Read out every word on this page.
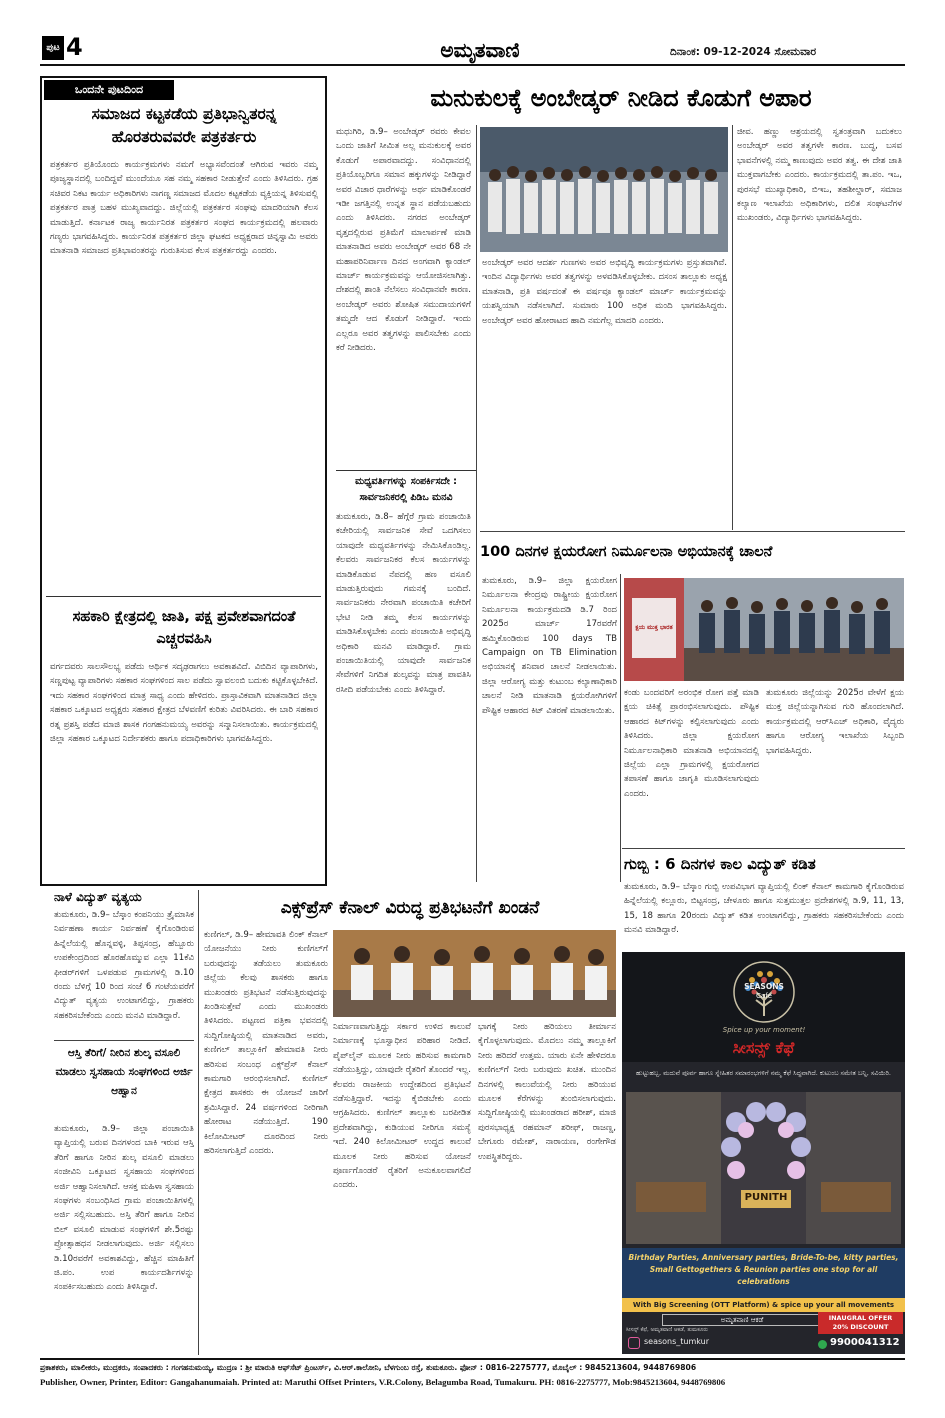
ಪುಟ 4	ಅಮೃತವಾಣಿ	ದಿನಾಂಕ: 09-12-2024 ಸೋಮವಾರ
ಒಂದನೇ ಪುಟದಿಂದ
ಸಮಾಜದ ಕಟ್ಟಕಡೆಯ ಪ್ರತಿಭಾನ್ವಿತರನ್ನ ಹೊರತರುವವರೇ ಪತ್ರಕರ್ತರು
ಪತ್ರಕರ್ತರ ಪ್ರತಿಯೊಂದು ಕಾರ್ಯಕ್ರಮಗಳು ನಮಗೆ ಅಭ್ಯಾಸವೆಂದಂತೆ ಆಗಿರುವ ಇವರು ನಮ್ಮ ಪೂಜ್ಯಸ್ಥಾನದಲ್ಲಿ ಬಂದಿದ್ದವೆ ಮುಂದೆಯೂ ಸಹ ನಮ್ಮ ಸಹಕಾರ ನೀಡುತ್ತೇನೆ ಎಂದು ತಿಳಿಸಿದರು. ಗ್ರಹ ಸಚಿವರ ನಿಕಟ ಕಾರ್ಯ ಅಧಿಕಾರಿಗಳು ನಾಗಣ್ಣ ಸಮಾಜದ ಮೊದಲ ಕಟ್ಟಕಡೆಯ ವ್ಯಕ್ತಿಯನ್ನ ತಿಳಿಸುವಲ್ಲಿ ಪತ್ರಕರ್ತರ ಪಾತ್ರ ಬಹಳ ಮುಖ್ಯವಾದದ್ದು. ಜಿಲ್ಲೆಯಲ್ಲಿ ಪತ್ರಕರ್ತರ ಸಂಘವು ಮಾದರಿಯಾಗಿ ಕೆಲಸ ಮಾಡುತ್ತಿದೆ. ಕರ್ನಾಟಕ ರಾಜ್ಯ ಕಾರ್ಯನಿರತ ಪತ್ರಕರ್ತರ ಸಂಘದ ಕಾರ್ಯಕ್ರಮದಲ್ಲಿ ಹಲವಾರು ಗಣ್ಯರು ಭಾಗವಹಿಸಿದ್ದರು. ಕಾರ್ಯನಿರತ ಪತ್ರಕರ್ತರ ಜಿಲ್ಲಾ ಘಟಕದ ಅಧ್ಯಕ್ಷರಾದ ಚಿನ್ನಸ್ವಾಮಿ ಅವರು ಮಾತನಾಡಿ ಸಮಾಜದ ಪ್ರತಿಭಾವಂತರನ್ನು ಗುರುತಿಸುವ ಕೆಲಸ ಪತ್ರಕರ್ತರದ್ದು ಎಂದರು.
ಸಹಕಾರಿ ಕ್ಷೇತ್ರದಲ್ಲಿ ಜಾತಿ, ಪಕ್ಷ ಪ್ರವೇಶವಾಗದಂತೆ ಎಚ್ಚರವಹಿಸಿ
ವರ್ಗದವರು ಸಾಲಸೌಲಭ್ಯ ಪಡೆದು ಆರ್ಥಿಕ ಸದೃಢರಾಗಲು ಅವಕಾಶವಿದೆ. ವಿಬಿದಿನ ವ್ಯಾಪಾರಿಗಳು, ಸಣ್ಣಪುಟ್ಟ ವ್ಯಾಪಾರಿಗಳು ಸಹಕಾರ ಸಂಘಗಳಿಂದ ಸಾಲ ಪಡೆದು ಸ್ವಾವಲಂಬಿ ಬದುಕು ಕಟ್ಟಿಕೊಳ್ಳಬೇಕಿದೆ. ಇದು ಸಹಕಾರ ಸಂಘಗಳಿಂದ ಮಾತ್ರ ಸಾಧ್ಯ ಎಂದು ಹೇಳಿದರು. ಪ್ರಾಸ್ತಾವಿಕವಾಗಿ ಮಾತನಾಡಿದ ಜಿಲ್ಲಾ ಸಹಕಾರ ಒಕ್ಕೂಟದ ಅಧ್ಯಕ್ಷರು ಸಹಕಾರ ಕ್ಷೇತ್ರದ ಬೆಳವಣಿಗೆ ಕುರಿತು ವಿವರಿಸಿದರು. ಈ ಬಾರಿ ಸಹಕಾರ ರತ್ನ ಪ್ರಶಸ್ತಿ ಪಡೆದ ಮಾಜಿ ಶಾಸಕ ಗಂಗಹನುಮಯ್ಯ ಅವರನ್ನು ಸನ್ಮಾನಿಸಲಾಯಿತು. ಕಾರ್ಯಕ್ರಮದಲ್ಲಿ ಜಿಲ್ಲಾ ಸಹಕಾರ ಒಕ್ಕೂಟದ ನಿರ್ದೇಶಕರು ಹಾಗೂ ಪದಾಧಿಕಾರಿಗಳು ಭಾಗವಹಿಸಿದ್ದರು.
ಮನುಕುಲಕ್ಕೆ ಅಂಬೇಡ್ಕರ್ ನೀಡಿದ ಕೊಡುಗೆ ಅಪಾರ
ಮಧುಗಿರಿ, ಡಿ.9– ಅಂಬೇಡ್ಕರ್ ರವರು ಕೇವಲ ಒಂದು ಜಾತಿಗೆ ಸೀಮಿತ ಅಲ್ಲ ಮನುಕುಲಕ್ಕೆ ಅವರ ಕೊಡುಗೆ ಅಪಾರವಾದದ್ದು. ಸಂವಿಧಾನದಲ್ಲಿ ಪ್ರತಿಯೊಬ್ಬರಿಗೂ ಸಮಾನ ಹಕ್ಕುಗಳನ್ನು ನೀಡಿದ್ದಾರೆ ಅವರ ವಿಚಾರ ಧಾರೆಗಳನ್ನು ಅರ್ಥ ಮಾಡಿಕೊಂಡರೆ ಇಡೀ ಜಗತ್ತಿನಲ್ಲಿ ಉನ್ನತ ಸ್ಥಾನ ಪಡೆಯಬಹುದು ಎಂದು ತಿಳಿಸಿದರು. ನಗರದ ಅಂಬೇಡ್ಕರ್ ವೃತ್ತದಲ್ಲಿರುವ ಪ್ರತಿಮೆಗೆ ಮಾಲಾರ್ಪಣೆ ಮಾಡಿ ಮಾತನಾಡಿದ ಅವರು ಅಂಬೇಡ್ಕರ್ ಅವರ 68 ನೇ ಮಹಾಪರಿನಿರ್ವಾಣ ದಿನದ ಅಂಗವಾಗಿ ಕ್ಯಾಂಡಲ್ ಮಾರ್ಚ್ ಕಾರ್ಯಕ್ರಮವನ್ನು ಆಯೋಜಿಸಲಾಗಿತ್ತು. ದೇಶದಲ್ಲಿ ಶಾಂತಿ ನೆಲೆಸಲು ಸಂವಿಧಾನವೇ ಕಾರಣ. ಅಂಬೇಡ್ಕರ್ ಅವರು ಶೋಷಿತ ಸಮುದಾಯಗಳಿಗೆ ತಮ್ಮದೇ ಆದ ಕೊಡುಗೆ ನೀಡಿದ್ದಾರೆ. ಇಂದು ಎಲ್ಲರೂ ಅವರ ತತ್ವಗಳನ್ನು ಪಾಲಿಸಬೇಕು ಎಂದು ಕರೆ ನೀಡಿದರು.
ಅಂಬೇಡ್ಕರ್ ಅವರ ಆದರ್ಶ ಗುಣಗಳು ಅವರ ಅಭಿವೃದ್ಧಿ ಕಾರ್ಯಕ್ರಮಗಳು ಪ್ರಸ್ತುತವಾಗಿವೆ. ಇಂದಿನ ವಿದ್ಯಾರ್ಥಿಗಳು ಅವರ ತತ್ವಗಳನ್ನು ಅಳವಡಿಸಿಕೊಳ್ಳಬೇಕು. ದಸಂಸ ತಾಲ್ಲೂಕು ಅಧ್ಯಕ್ಷ ಮಾತನಾಡಿ, ಪ್ರತಿ ವರ್ಷದಂತೆ ಈ ವರ್ಷವೂ ಕ್ಯಾಂಡಲ್ ಮಾರ್ಚ್ ಕಾರ್ಯಕ್ರಮವನ್ನು ಯಶಸ್ವಿಯಾಗಿ ನಡೆಸಲಾಗಿದೆ. ಸುಮಾರು 100 ಅಧಿಕ ಮಂದಿ ಭಾಗವಹಿಸಿದ್ದರು. ಅಂಬೇಡ್ಕರ್ ಅವರ ಹೋರಾಟದ ಹಾದಿ ನಮಗೆಲ್ಲ ಮಾದರಿ ಎಂದರು.
ಜೀವ. ಹಣ್ಣು ಆಶ್ರಯದಲ್ಲಿ ಸ್ವತಂತ್ರವಾಗಿ ಬದುಕಲು ಅಂಬೇಡ್ಕರ್ ಅವರ ತತ್ವಗಳೇ ಕಾರಣ. ಬುದ್ಧ, ಬಸವ ಭಾವನೆಗಳಲ್ಲಿ ನಮ್ಮ ಕಾಣುವುದು ಅವರ ತತ್ವ. ಈ ದೇಶ ಜಾತಿ ಮುಕ್ತವಾಗಬೇಕು ಎಂದರು. ಕಾರ್ಯಕ್ರಮದಲ್ಲಿ ತಾ.ಪಂ. ಇಒ, ಪುರಸಭೆ ಮುಖ್ಯಾಧಿಕಾರಿ, ಬಿಇಒ, ತಹಶೀಲ್ದಾರ್, ಸಮಾಜ ಕಲ್ಯಾಣ ಇಲಾಖೆಯ ಅಧಿಕಾರಿಗಳು, ದಲಿತ ಸಂಘಟನೆಗಳ ಮುಖಂಡರು, ವಿದ್ಯಾರ್ಥಿಗಳು ಭಾಗವಹಿಸಿದ್ದರು.
ಮಧ್ಯವರ್ತಿಗಳನ್ನು ಸಂಪರ್ಕಿಸದೇ : ಸಾರ್ವಜನಿಕರಲ್ಲಿ ಪಿಡಿಒ ಮನವಿ
ತುಮಕೂರು, ಡಿ.8– ಹೆಗ್ಗೆರೆ ಗ್ರಾಮ ಪಂಚಾಯಿತಿ ಕಚೇರಿಯಲ್ಲಿ ಸಾರ್ವಜನಿಕ ಸೇವೆ ಒದಗಿಸಲು ಯಾವುದೇ ಮಧ್ಯವರ್ತಿಗಳನ್ನು ನೇಮಿಸಿಕೊಂಡಿಲ್ಲ. ಕೆಲವರು ಸಾರ್ವಜನಿಕರ ಕೆಲಸ ಕಾರ್ಯಗಳನ್ನು ಮಾಡಿಕೊಡುವ ನೆಪದಲ್ಲಿ ಹಣ ವಸೂಲಿ ಮಾಡುತ್ತಿರುವುದು ಗಮನಕ್ಕೆ ಬಂದಿದೆ. ಸಾರ್ವಜನಿಕರು ನೇರವಾಗಿ ಪಂಚಾಯಿತಿ ಕಚೇರಿಗೆ ಭೇಟಿ ನೀಡಿ ತಮ್ಮ ಕೆಲಸ ಕಾರ್ಯಗಳನ್ನು ಮಾಡಿಸಿಕೊಳ್ಳಬೇಕು ಎಂದು ಪಂಚಾಯಿತಿ ಅಭಿವೃದ್ಧಿ ಅಧಿಕಾರಿ ಮನವಿ ಮಾಡಿದ್ದಾರೆ. ಗ್ರಾಮ ಪಂಚಾಯಿತಿಯಲ್ಲಿ ಯಾವುದೇ ಸಾರ್ವಜನಿಕ ಸೇವೆಗಳಿಗೆ ನಿಗದಿತ ಶುಲ್ಕವನ್ನು ಮಾತ್ರ ಪಾವತಿಸಿ ರಸೀದಿ ಪಡೆಯಬೇಕು ಎಂದು ತಿಳಿಸಿದ್ದಾರೆ.
100 ದಿನಗಳ ಕ್ಷಯರೋಗ ನಿರ್ಮೂಲನಾ ಅಭಿಯಾನಕ್ಕೆ ಚಾಲನೆ
ತುಮಕೂರು, ಡಿ.9– ಜಿಲ್ಲಾ ಕ್ಷಯರೋಗ ನಿರ್ಮೂಲನಾ ಕೇಂದ್ರವು ರಾಷ್ಟ್ರೀಯ ಕ್ಷಯರೋಗ ನಿರ್ಮೂಲನಾ ಕಾರ್ಯಕ್ರಮದಡಿ ಡಿ.7 ರಿಂದ 2025ರ ಮಾರ್ಚ್ 17ರವರೆಗೆ ಹಮ್ಮಿಕೊಂಡಿರುವ 100 days TB Campaign on TB Elimination ಅಭಿಯಾನಕ್ಕೆ ಶನಿವಾರ ಚಾಲನೆ ನೀಡಲಾಯಿತು. ಜಿಲ್ಲಾ ಆರೋಗ್ಯ ಮತ್ತು ಕುಟುಂಬ ಕಲ್ಯಾಣಾಧಿಕಾರಿ ಚಾಲನೆ ನೀಡಿ ಮಾತನಾಡಿ ಕ್ಷಯರೋಗಿಗಳಿಗೆ ಪೌಷ್ಟಿಕ ಆಹಾರದ ಕಿಟ್ ವಿತರಣೆ ಮಾಡಲಾಯಿತು.
ಕ್ಷಯ ಮುಕ್ತ ಭಾರತ
ಕಂಡು ಬಂದವರಿಗೆ ಅರಂಭಿಕ ರೋಗ ಪತ್ತೆ ಮಾಡಿ ಕ್ಷಯ ಚಿಕಿತ್ಸೆ ಪ್ರಾರಂಭಿಸಲಾಗುವುದು. ಪೌಷ್ಟಿಕ ಆಹಾರದ ಕಿಟ್‌ಗಳನ್ನು ಕಲ್ಪಿಸಲಾಗುವುದು ಎಂದು ತಿಳಿಸಿದರು. ಜಿಲ್ಲಾ ಕ್ಷಯರೋಗ ನಿರ್ಮೂಲನಾಧಿಕಾರಿ ಮಾತನಾಡಿ ಅಭಿಯಾನದಲ್ಲಿ ಜಿಲ್ಲೆಯ ಎಲ್ಲಾ ಗ್ರಾಮಗಳಲ್ಲಿ ಕ್ಷಯರೋಗದ ತಪಾಸಣೆ ಹಾಗೂ ಜಾಗೃತಿ ಮೂಡಿಸಲಾಗುವುದು ಎಂದರು.
ತುಮಕೂರು ಜಿಲ್ಲೆಯನ್ನು 2025ರ ವೇಳೆಗೆ ಕ್ಷಯ ಮುಕ್ತ ಜಿಲ್ಲೆಯನ್ನಾಗಿಸುವ ಗುರಿ ಹೊಂದಲಾಗಿದೆ. ಕಾರ್ಯಕ್ರಮದಲ್ಲಿ ಆರ್‌ಸಿಎಚ್ ಅಧಿಕಾರಿ, ವೈದ್ಯರು ಹಾಗೂ ಆರೋಗ್ಯ ಇಲಾಖೆಯ ಸಿಬ್ಬಂದಿ ಭಾಗವಹಿಸಿದ್ದರು.
ಗುಬ್ಬಿ : 6 ದಿನಗಳ ಕಾಲ ವಿದ್ಯುತ್ ಕಡಿತ
ತುಮಕೂರು, ಡಿ.9– ಬೆಸ್ಕಾಂ ಗುಬ್ಬಿ ಉಪವಿಭಾಗ ವ್ಯಾಪ್ತಿಯಲ್ಲಿ ಲಿಂಕ್ ಕೆನಾಲ್ ಕಾಮಗಾರಿ ಕೈಗೊಂಡಿರುವ ಹಿನ್ನೆಲೆಯಲ್ಲಿ ಕಲ್ಲೂರು, ಬಿಟ್ಟಸಂದ್ರ, ಚೇಳೂರು ಹಾಗೂ ಸುತ್ತಮುತ್ತಲ ಪ್ರದೇಶಗಳಲ್ಲಿ ಡಿ.9, 11, 13, 15, 18 ಹಾಗೂ 20ರಂದು ವಿದ್ಯುತ್ ಕಡಿತ ಉಂಟಾಗಲಿದ್ದು, ಗ್ರಾಹಕರು ಸಹಕರಿಸಬೇಕೆಂದು ಎಂದು ಮನವಿ ಮಾಡಿದ್ದಾರೆ.
ನಾಳೆ ವಿದ್ಯುತ್ ವ್ಯತ್ಯಯ
ತುಮಕೂರು, ಡಿ.9– ಬೆಸ್ಕಾಂ ಕಂಪನಿಯು ತ್ರೈಮಾಸಿಕ ನಿರ್ವಹಣಾ ಕಾರ್ಯ ನಿರ್ವಹಣೆ ಕೈಗೊಂಡಿರುವ ಹಿನ್ನೆಲೆಯಲ್ಲಿ ಹೊನ್ನವಳ್ಳಿ, ತಿಪ್ಪಸಂದ್ರ, ಹೆಬ್ಬೂರು ಉಪಕೇಂದ್ರದಿಂದ ಹೊರಹೊಮ್ಮುವ ಎಲ್ಲಾ 11ಕೆವಿ ಫೀಡರ್‌ಗಳಿಗೆ ಒಳಪಡುವ ಗ್ರಾಮಗಳಲ್ಲಿ ಡಿ.10 ರಂದು ಬೆಳಿಗ್ಗೆ 10 ರಿಂದ ಸಂಜೆ 6 ಗಂಟೆಯವರೆಗೆ ವಿದ್ಯುತ್ ವ್ಯತ್ಯಯ ಉಂಟಾಗಲಿದ್ದು, ಗ್ರಾಹಕರು ಸಹಕರಿಸಬೇಕೆಂದು ಎಂದು ಮನವಿ ಮಾಡಿದ್ದಾರೆ.
ಆಸ್ತಿ ತೆರಿಗೆ/ ನೀರಿನ ಶುಲ್ಕ ವಸೂಲಿ ಮಾಡಲು ಸ್ವಸಹಾಯ ಸಂಘಗಳಿಂದ ಅರ್ಜಿ ಆಹ್ವಾನ
ತುಮಕೂರು, ಡಿ.9– ಜಿಲ್ಲಾ ಪಂಚಾಯಿತಿ ವ್ಯಾಪ್ತಿಯಲ್ಲಿ ಬರುವ ದಿನಗಳಂದ ಬಾಕಿ ಇರುವ ಆಸ್ತಿ ತೆರಿಗೆ ಹಾಗೂ ನೀರಿನ ಶುಲ್ಕ ವಸೂಲಿ ಮಾಡಲು ಸಂಜೀವಿನಿ ಒಕ್ಕೂಟದ ಸ್ವಸಹಾಯ ಸಂಘಗಳಿಂದ ಅರ್ಜಿ ಆಹ್ವಾನಿಸಲಾಗಿದೆ. ಆಸಕ್ತ ಮಹಿಳಾ ಸ್ವಸಹಾಯ ಸಂಘಗಳು ಸಂಬಂಧಿಸಿದ ಗ್ರಾಮ ಪಂಚಾಯಿತಿಗಳಲ್ಲಿ ಅರ್ಜಿ ಸಲ್ಲಿಸಬಹುದು. ಅಸ್ತಿ ತೆರಿಗೆ ಹಾಗೂ ನೀರಿನ ಬಿಲ್ ವಸೂಲಿ ಮಾಡುವ ಸಂಘಗಳಿಗೆ ಶೇ.5ರಷ್ಟು ಪ್ರೋತ್ಸಾಹಧನ ನೀಡಲಾಗುವುದು. ಅರ್ಜಿ ಸಲ್ಲಿಸಲು ಡಿ.10ರವರೆಗೆ ಅವಕಾಶವಿದ್ದು, ಹೆಚ್ಚಿನ ಮಾಹಿತಿಗೆ ಜಿ.ಪಂ. ಉಪ ಕಾರ್ಯದರ್ಶಿಗಳನ್ನು ಸಂಪರ್ಕಿಸಬಹುದು ಎಂದು ತಿಳಿಸಿದ್ದಾರೆ.
ಎಕ್ಸ್‌ಪ್ರೆಸ್ ಕೆನಾಲ್ ವಿರುದ್ಧ ಪ್ರತಿಭಟನೆಗೆ ಖಂಡನೆ
ಕುಣಿಗಲ್, ಡಿ.9– ಹೇಮಾವತಿ ಲಿಂಕ್ ಕೆನಾಲ್ ಯೋಜನೆಯು ನೀರು ಕುಣಿಗಲ್‌ಗೆ ಬರುವುದನ್ನು ತಡೆಯಲು ತುಮಕೂರು ಜಿಲ್ಲೆಯ ಕೆಲವು ಶಾಸಕರು ಹಾಗೂ ಮುಖಂಡರು ಪ್ರತಿಭಟನೆ ನಡೆಸುತ್ತಿರುವುದನ್ನು ಖಂಡಿಸುತ್ತೇವೆ ಎಂದು ಮುಖಂಡರು ತಿಳಿಸಿದರು. ಪಟ್ಟಣದ ಪತ್ರಿಕಾ ಭವನದಲ್ಲಿ ಸುದ್ದಿಗೋಷ್ಠಿಯಲ್ಲಿ ಮಾತನಾಡಿದ ಅವರು, ಕುಣಿಗಲ್ ತಾಲ್ಲೂಕಿಗೆ ಹೇಮಾವತಿ ನೀರು ಹರಿಸುವ ಸಂಬಂಧ ಎಕ್ಸ್‌ಪ್ರೆಸ್ ಕೆನಾಲ್ ಕಾಮಗಾರಿ ಆರಂಭಿಸಲಾಗಿದೆ. ಕುಣಿಗಲ್ ಕ್ಷೇತ್ರದ ಶಾಸಕರು ಈ ಯೋಜನೆ ಜಾರಿಗೆ ಶ್ರಮಿಸಿದ್ದಾರೆ. 24 ವರ್ಷಗಳಿಂದ ನೀರಿಗಾಗಿ ಹೋರಾಟ ನಡೆಯುತ್ತಿದೆ. 190 ಕಿಲೋಮೀಟರ್ ದೂರದಿಂದ ನೀರು ಹರಿಸಲಾಗುತ್ತಿದೆ ಎಂದರು.
ನಿರ್ಮಾಣವಾಗುತ್ತಿದ್ದು ಸರ್ಕಾರ ಉಳಿದ ಕಾಲುವೆ ನಿರ್ಮಾಣಕ್ಕೆ ಭೂಸ್ವಾಧೀನ ಪರಿಹಾರ ನೀಡಿದೆ. ಪೈಪ್‌ಲೈನ್ ಮೂಲಕ ನೀರು ಹರಿಸುವ ಕಾಮಗಾರಿ ನಡೆಯುತ್ತಿದ್ದು, ಯಾವುದೇ ರೈತರಿಗೆ ತೊಂದರೆ ಇಲ್ಲ. ಕೆಲವರು ರಾಜಕೀಯ ಉದ್ದೇಶದಿಂದ ಪ್ರತಿಭಟನೆ ನಡೆಸುತ್ತಿದ್ದಾರೆ. ಇದನ್ನು ಕೈಬಿಡಬೇಕು ಎಂದು ಆಗ್ರಹಿಸಿದರು. ಕುಣಿಗಲ್ ತಾಲ್ಲೂಕು ಬರಪೀಡಿತ ಪ್ರದೇಶವಾಗಿದ್ದು, ಕುಡಿಯುವ ನೀರಿಗೂ ಸಮಸ್ಯೆ ಇದೆ. 240 ಕಿಲೋಮೀಟರ್ ಉದ್ದದ ಕಾಲುವೆ ಮೂಲಕ ನೀರು ಹರಿಸುವ ಯೋಜನೆ ಪೂರ್ಣಗೊಂಡರೆ ರೈತರಿಗೆ ಅನುಕೂಲವಾಗಲಿದೆ ಎಂದರು.
ಭಾಗಕ್ಕೆ ನೀರು ಹರಿಯಲು ತೀರ್ಮಾನ ಕೈಗೊಳ್ಳಲಾಗುವುದು. ಮೊದಲು ನಮ್ಮ ತಾಲ್ಲೂಕಿಗೆ ನೀರು ಹರಿದರೆ ಉತ್ತಮ. ಯಾರು ಏನೇ ಹೇಳಿದರೂ ಕುಣಿಗಲ್‌ಗೆ ನೀರು ಬರುವುದು ಖಚಿತ. ಮುಂದಿನ ದಿನಗಳಲ್ಲಿ ಕಾಲುವೆಯಲ್ಲಿ ನೀರು ಹರಿಯುವ ಮೂಲಕ ಕೆರೆಗಳನ್ನು ತುಂಬಿಸಲಾಗುವುದು. ಸುದ್ದಿಗೋಷ್ಠಿಯಲ್ಲಿ ಮುಖಂಡರಾದ ಹರೀಶ್, ಮಾಜಿ ಪುರಸಭಾಧ್ಯಕ್ಷ ರಹಮಾನ್ ಶರೀಫ್, ರಾಜಣ್ಣ, ಬೇಗೂರು ರಮೇಶ್, ನಾರಾಯಣ, ರಂಗೇಗೌಡ ಉಪಸ್ಥಿತರಿದ್ದರು.
SEASONS
Cafe
Spice up your moment!
ಸೀಸನ್ಸ್ ಕೆಫೆ
ಹುಟ್ಟುಹಬ್ಬ, ಮದುವೆ ಪೂರ್ವ ಹಾಗೂ ಸ್ನೇಹಿತರ ಸಮಾರಂಭಗಳಿಗೆ ನಮ್ಮ ಕೆಫೆ ಸಿದ್ಧವಾಗಿದೆ. ಕುಟುಂಬ ಸಮೇತ ಬನ್ನಿ, ಸವಿಯಿರಿ.
PUNITH
Birthday Parties, Anniversary parties, Bride-To-be, kitty parties, Small Gettogethers & Reunion parties one stop for all celebrations
With Big Screening (OTT Platform) & spice up your all movements
ಅಮೃತವಾಣಿ ಆಕಡೆ
ಸೀಸನ್ಸ್ ಕೆಫೆ, ಅಮೃತವಾಣಿ ಆಕಡೆ, ತುಮಕೂರು
seasons_tumkur
INAUGRAL OFFER
20% DISCOUNT
9900041312
ಪ್ರಕಾಶಕರು, ಮಾಲೀಕರು, ಮುದ್ರಕರು, ಸಂಪಾದಕರು : ಗಂಗಹನುಮಯ್ಯ, ಮುದ್ರಣ : ಶ್ರೀ ಮಾರುತಿ ಆಫ್‌ಸೆಟ್ ಪ್ರಿಂಟರ್ಸ್, ವಿ.ಆರ್.ಕಾಲೋನಿ, ಬೆಳಗುಂಬ ರಸ್ತೆ, ತುಮಕೂರು. ಫೋನ್ : 0816-2275777, ಮೊಬೈಲ್ : 9845213604, 9448769806
Publisher, Owner, Printer, Editor: Gangahanumaiah. Printed at: Maruthi Offset Printers, V.R.Colony, Belagumba Road, Tumakuru. PH: 0816-2275777, Mob:9845213604, 9448769806
